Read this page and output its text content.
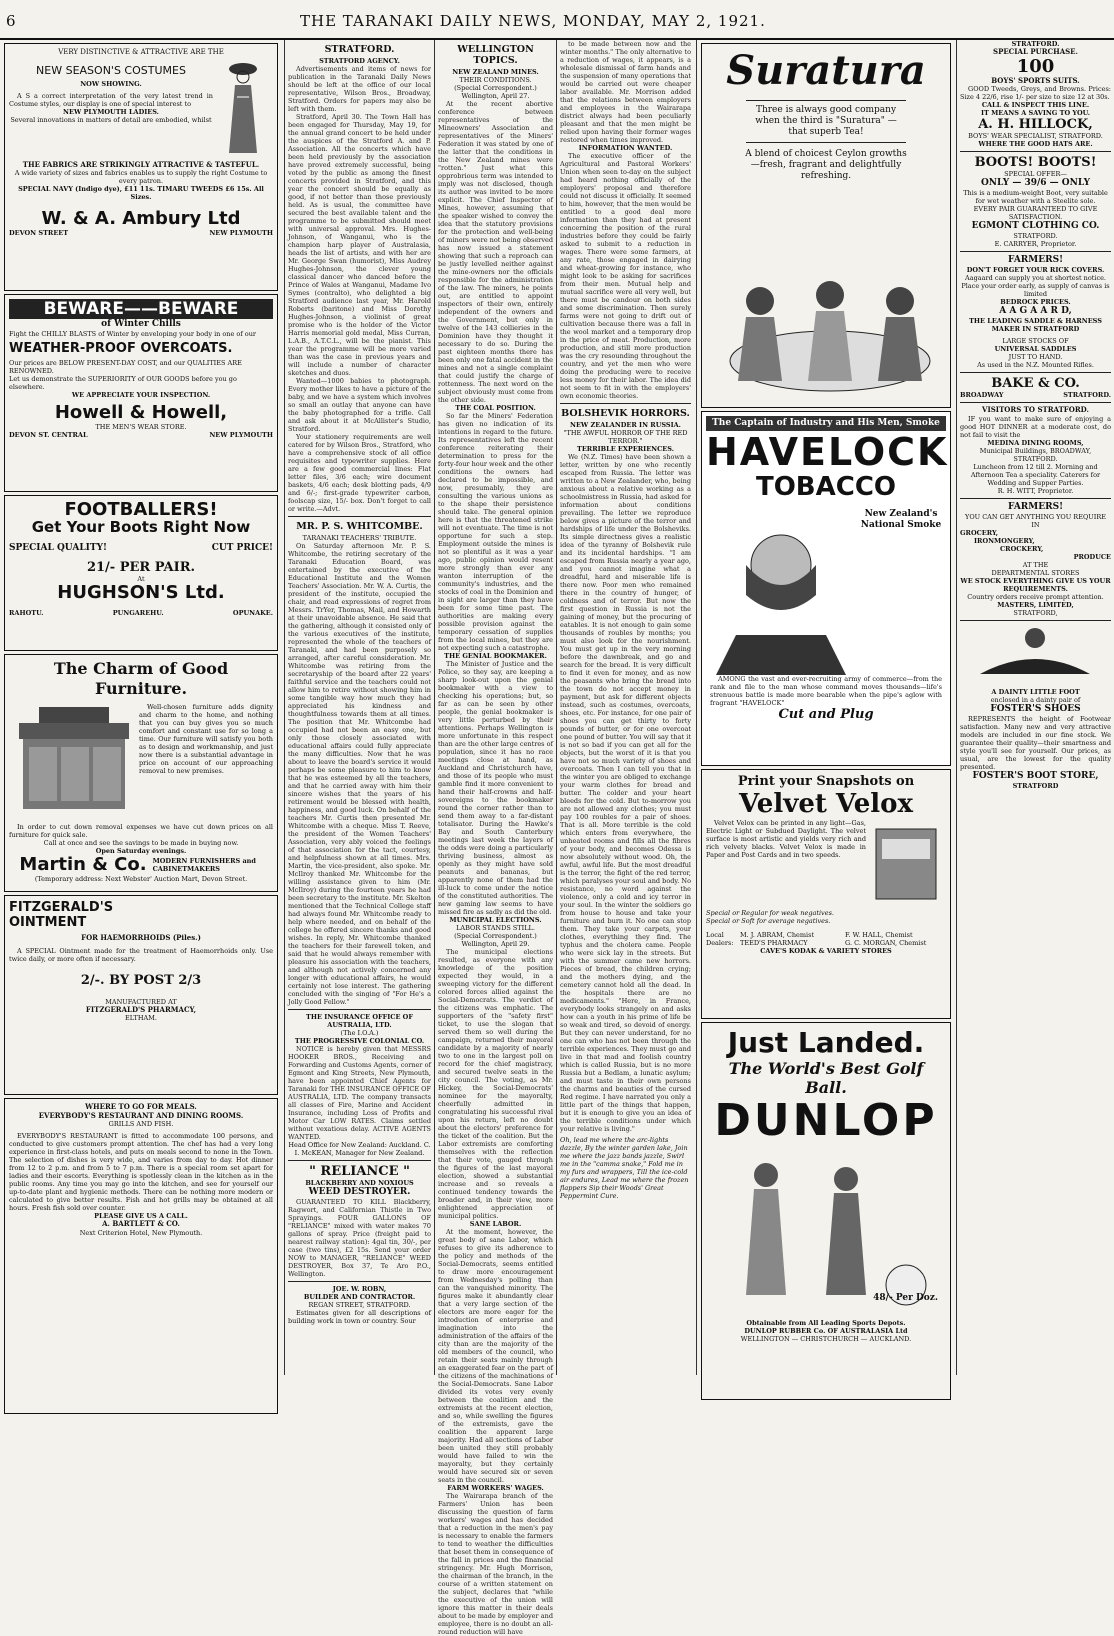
6	THE TARANAKI DAILY NEWS, MONDAY, MAY 2, 1921.
VERY DISTINCTIVE & ATTRACTIVE ARE THE
NEW SEASON'S COSTUMES
NOW SHOWING.
A S a correct interpretation of the very latest trend in Costume styles, our display is one of special interest to
NEW PLYMOUTH LADIES.
Several innovations in matters of detail are embodied, whilst
THE FABRICS ARE STRIKINGLY ATTRACTIVE & TASTEFUL.
A wide variety of sizes and fabrics enables us to supply the right Costume to every patron.
SPECIAL NAVY (Indigo dye), £11 11s. TIMARU TWEEDS £6 15s. All Sizes.
W. & A. Ambury Ltd
DEVON STREET	NEW PLYMOUTH
BEWARE——BEWARE
of Winter Chills
Fight the CHILLY BLASTS of Winter by enveloping your body in one of our
WEATHER-PROOF OVERCOATS.
Our prices are BELOW PRESENT-DAY COST, and our QUALITIES ARE RENOWNED.
Let us demonstrate the SUPERIORITY of OUR GOODS before you go elsewhere.
WE APPRECIATE YOUR INSPECTION.
Howell & Howell,
THE MEN'S WEAR STORE.
DEVON ST. CENTRAL	NEW PLYMOUTH
FOOTBALLERS!
Get Your Boots Right Now
SPECIAL QUALITY!	CUT PRICE!
21/- PER PAIR.
At
HUGHSON'S Ltd.
RAHOTU.	PUNGAREHU.	OPUNAKE.
The Charm of Good Furniture.
Well-chosen furniture adds dignity and charm to the home, and nothing that you can buy gives you so much comfort and constant use for so long a time. Our furniture will satisfy you both as to design and workmanship, and just now there is a substantial advantage in price on account of our approaching removal to new premises.
In order to cut down removal expenses we have cut down prices on all furniture for quick sale.
Call at once and see the savings to be made in buying now.
Open Saturday evenings.
Martin & Co. MODERN FURNISHERS and CABINETMAKERS
(Temporary address: Next Webster' Auction Mart, Devon Street.
FITZGERALD'S
OINTMENT
FOR HAEMORRHOIDS (Piles.)
A SPECIAL Ointment made for the treatment of Haemorrhoids only. Use twice daily, or more often if necessary.
2/-. BY POST 2/3
MANUFACTURED AT
FITZGERALD'S PHARMACY,
ELTHAM.
WHERE TO GO FOR MEALS.
EVERYBODY'S RESTAURANT AND DINING ROOMS.
GRILLS AND FISH.
EVERYBODY'S RESTAURANT is fitted to accommodate 100 persons, and conducted to give customers prompt attention. The chef has had a very long experience in first-class hotels, and puts on meals second to none in the Town. The selection of dishes is very wide, and varies from day to day. Hot dinner from 12 to 2 p.m. and from 5 to 7 p.m. There is a special room set apart for ladies and their escorts. Everything is spotlessly clean in the kitchen as in the public rooms. Any time you may go into the kitchen, and see for yourself our up-to-date plant and hygienic methods. There can be nothing more modern or calculated to give better results. Fish and hot grills may be obtained at all hours. Fresh fish sold over counter.
PLEASE GIVE US A CALL.
A. BARTLETT & CO.
Next Criterion Hotel, New Plymouth.
STRATFORD.
STRATFORD AGENCY.
Advertisements and items of news for publication in the Taranaki Daily News should be left at the office of our local representative, Wilson Bros., Broadway, Stratford. Orders for papers may also be left with them.
Stratford, April 30. The Town Hall has been engaged for Thursday, May 19, for the annual grand concert to be held under the auspices of the Stratford A. and P. Association. All the concerts which have been held previously by the association have proved extremely successful, being voted by the public as among the finest concerts provided in Stratford, and this year the concert should be equally as good, if not better than those previously held. As is usual, the committee have secured the best available talent and the programme to be submitted should meet with universal approval. Mrs. Hughes-Johnson, of Wanganui, who is the champion harp player of Australasia, heads the list of artists, and with her are Mr. George Swan (humorist), Miss Audrey Hughes-Johnson, the clever young classical dancer who danced before the Prince of Wales at Wanganui, Madame Ivo Symes (contralto), who delighted a big Stratford audience last year, Mr. Harold Roberts (baritone) and Miss Dorothy Hughes-Johnson, a violinist of great promise who is the holder of the Victor Harris memorial gold medal, Miss Curran, L.A.B., A.T.C.L., will be the pianist. This year the programme will be more varied than was the case in previous years and will include a number of character sketches and duos.
Wanted—1000 babies to photograph. Every mother likes to have a picture of the baby, and we have a system which involves so small an outlay that anyone can have the baby photographed for a trifle. Call and ask about it at McAllister's Studio, Stratford.
Your stationery requirements are well catered for by Wilson Bros., Stratford, who have a comprehensive stock of all office requisites and typewriter supplies. Here are a few good commercial lines: Flat letter files, 3/6 each; wire document baskets, 4/6 each; desk blotting pads, 4/9 and 6/-; first-grade typewriter carbon, foolscap size, 15/- box. Don't forget to call or write.—Advt.
MR. P. S. WHITCOMBE.
TARANAKI TEACHERS' TRIBUTE.
On Saturday afternoon Mr. P. S. Whitcombe, the retiring secretary of the Taranaki Education Board, was entertained by the executive of the Educational Institute and the Women Teachers' Association. Mr. W. A. Curtis, the president of the institute, occupied the chair, and read expressions of regret from Messrs. TrYer, Thomas, Mail, and Howarth at their unavoidable absence. He said that the gathering, although it consisted only of the various executives of the institute, represented the whole of the teachers of Taranaki, and had been purposely so arranged, after careful consideration. Mr. Whitcombe was retiring from the secretaryship of the board after 22 years' faithful service and the teachers could not allow him to retire without showing him in some tangible way how much they had appreciated his kindness and thoughtfulness towards them at all times. The position that Mr. Whitcombe had occupied had not been an easy one, but only those closely associated with educational affairs could fully appreciate the many difficulties. Now that he was about to leave the board's service it would perhaps be some pleasure to him to know that he was esteemed by all the teachers, and that he carried away with him their sincere wishes that the years of his retirement would be blessed with health, happiness, and good luck. On behalf of the teachers Mr. Curtis then presented Mr. Whitcombe with a cheque. Miss T. Reeve, the president of the Women Teachers' Association, very ably voiced the feelings of that association for the tact, courtesy, and helpfulness shown at all times. Mrs. Martin, the vice-president, also spoke. Mr. McIlroy thanked Mr. Whitcombe for the willing assistance given to him (Mr. McIlroy) during the fourteen years he had been secretary to the institute. Mr. Skelton mentioned that the Technical College staff had always found Mr. Whitcombe ready to help where needed, and on behalf of the college he offered sincere thanks and good wishes. In reply, Mr. Whitcombe thanked the teachers for their farewell token, and said that he would always remember with pleasure his association with the teachers, and although not actively concerned any longer with educational affairs, he would certainly not lose interest. The gathering concluded with the singing of "For He's a Jolly Good Fellow."
THE INSURANCE OFFICE OF AUSTRALIA, LTD.
(The I.O.A.)
THE PROGRESSIVE COLONIAL CO.
NOTICE is hereby given that MESSRS HOOKER BROS., Receiving and Forwarding and Customs Agents, corner of Egmont and King Streets, New Plymouth, have been appointed Chief Agents for Taranaki for THE INSURANCE OFFICE OF AUSTRALIA, LTD. The company transacts all classes of Fire, Marine and Accident Insurance, including Loss of Profits and Motor Car LOW RATES. Claims settled without vexatious delay. ACTIVE AGENTS WANTED.
Head Office for New Zealand: Auckland. C. I. McKEAN, Manager for New Zealand.
" RELIANCE "
BLACKBERRY AND NOXIOUS
WEED DESTROYER.
GUARANTEED TO KILL Blackberry, Ragwort, and Californian Thistle in Two Sprayings. FOUR GALLONS OF "RELIANCE" mixed with water makes 70 gallons of spray. Price (freight paid to nearest railway station): 4gal tin, 30/-, per case (two tins), £2 15s. Send your order NOW to MANAGER, "RELIANCE" WEED DESTROYER, Box 37, Te Aro P.O., Wellington.
JOE. W. ROBN,
BUILDER AND CONTRACTOR.
REGAN STREET, STRATFORD.
Estimates given for all descriptions of building work in town or country. Sour
WELLINGTON TOPICS.
NEW ZEALAND MINES.
THEIR CONDITIONS.
(Special Correspondent.) Wellington, April 27.
At the recent abortive conference between representatives of the Mineowners' Association and representatives of the Miners' Federation it was stated by one of the latter that the conditions in the New Zealand mines were "rotten." Just what this opprobrious term was intended to imply was not disclosed, though its author was invited to be more explicit. The Chief Inspector of Mines, however, assuming that the speaker wished to convey the idea that the statutory provisions for the protection and well-being of miners were not being observed has now issued a statement showing that such a reproach can be justly levelled neither against the mine-owners nor the officials responsible for the administration of the law. The miners, he points out, are entitled to appoint inspectors of their own, entirely independent of the owners and the Government, but only in twelve of the 143 collieries in the Dominion have they thought it necessary to do so. During the past eighteen months there has been only one fatal accident in the mines and not a single complaint that could justify the charge of rottenness. The next word on the subject obviously must come from the other side.
THE COAL POSITION.
So far the Miners' Federation has given no indication of its intentions in regard to the future. Its representatives left the recent conference reiterating their determination to press for the forty-four hour week and the other conditions the owners had declared to be impossible, and now, presumably, they are consulting the various unions as to the shape their persistence should take. The general opinion here is that the threatened strike will not eventuate. The time is not opportune for such a step. Employment outside the mines is not so plentiful as it was a year ago, public opinion would resent more strongly than ever any wanton interruption of the community's industries, and the stocks of coal in the Dominion and in sight are larger than they have been for some time past. The authorities are making every possible provision against the temporary cessation of supplies from the local mines, but they are not expecting such a catastrophe.
THE GENIAL BOOKMAKER.
The Minister of Justice and the Police, so they say, are keeping a sharp look-out upon the genial bookmaker with a view to checking his operations; but, so far as can be seen by other people, the genial bookmaker is very little perturbed by their attentions. Perhaps Wellington is more unfortunate in this respect than are the other large centres of population, since it has no race meetings close at hand, as Auckland and Christchurch have, and those of its people who must gamble find it more convenient to hand their half-crowns and half-sovereigns to the bookmaker round the corner rather than to send them away to a far-distant totalisator. During the Hawke's Bay and South Canterbury meetings last week the layers of the odds were doing a particularly thriving business, almost as openly as they might have sold peanuts and bananas, but apparently none of them had the ill-luck to come under the notice of the constituted authorities. The new gaming law seems to have missed fire as sadly as did the old.
MUNICIPAL ELECTIONS.
LABOR STANDS STILL.
(Special Correspondent.) Wellington, April 29.
The municipal elections resulted, as everyone with any knowledge of the position expected they would, in a sweeping victory for the different colored forces allied against the Social-Democrats. The verdict of the citizens was emphatic. The supporters of the "safety first" ticket, to use the slogan that served them so well during the campaign, returned their mayoral candidate by a majority of nearly two to one in the largest poll on record for the chief magistracy, and secured twelve seats in the city council. The voting, as Mr. Hickey, the Social-Democrats' nominee for the mayoralty, cheerfully admitted in congratulating his successful rival upon his return, left no doubt about the electors' preference for the ticket of the coalition. But the Labor extremists are comforting themselves with the reflection that their vote, gauged through the figures of the last mayoral election, showed a substantial increase and so reveals a continued tendency towards the broader and, in their view, more enlightened appreciation of municipal politics.
SANE LABOR.
At the moment, however, the great body of sane Labor, which refuses to give its adherence to the policy and methods of the Social-Democrats, seems entitled to draw more encouragement from Wednesday's polling than can the vanquished minority. The figures make it abundantly clear that a very large section of the electors are more eager for the introduction of enterprise and imagination into the administration of the affairs of the city than are the majority of the old members of the council, who retain their seats mainly through an exaggerated fear on the part of the citizens of the machinations of the Social-Democrats. Sane Labor divided its votes very evenly between the coalition and the extremists at the recent election, and so, while swelling the figures of the extremists, gave the coalition the apparent large majority. Had all sections of Labor been united they still probably would have failed to win the mayoralty, but they certainly would have secured six or seven seats in the council.
FARM WORKERS' WAGES.
The Wairarapa branch of the Farmers' Union has been discussing the question of farm workers' wages and has decided that a reduction in the men's pay is necessary to enable the farmers to tend to weather the difficulties that beset them in consequence of the fall in prices and the financial stringency. Mr. Hugh Morrison, the chairman of the branch, in the course of a written statement on the subject, declares that "while the executive of the union will ignore this matter in their deals about to be made by employer and employee, there is no doubt an all-round reduction will have
to be made between now and the winter months." The only alternative to a reduction of wages, it appears, is a wholesale dismissal of farm hands and the suspension of many operations that would be carried out were cheaper labor available. Mr. Morrison added that the relations between employers and employees in the Wairarapa district always had been peculiarly pleasant and that the men might be relied upon having their former wages restored when times improved.
INFORMATION WANTED.
The executive officer of the Agricultural and Pastoral Workers' Union when seen to-day on the subject had heard nothing officially of the employers' proposal and therefore could not discuss it officially. It seemed to him, however, that the men would be entitled to a good deal more information than they had at present concerning the position of the rural industries before they could be fairly asked to submit to a reduction in wages. There were some farmers, at any rate, those engaged in dairying and wheat-growing for instance, who might look to be asking for sacrifices from their men. Mutual help and mutual sacrifice were all very well, but there must be candour on both sides and some discrimination. Then surely farms were not going to drift out of cultivation because there was a fall in the wool market and a temporary drop in the price of meat. Production, more production, and still more production was the cry resounding throughout the country, and yet the men who were doing the producing were to receive less money for their labor. The idea did not seem to fit in with the employers' own economic theories.
BOLSHEVIK HORRORS.
NEW ZEALANDER IN RUSSIA.
"THE AWFUL HORROR OF THE RED TERROR."
TERRIBLE EXPERIENCES.
We (N.Z. Times) have been shown a letter, written by one who recently escaped from Russia. The letter was written to a New Zealander, who, being anxious about a relative working as a schoolmistress in Russia, had asked for information about conditions prevailing. The letter we reproduce below gives a picture of the terror and hardships of life under the Bolsheviks. Its simple directness gives a realistic idea of the tyranny of Bolshevik rule and its incidental hardships. "I am escaped from Russia nearly a year ago, and you cannot imagine what a dreadful, hard and miserable life is there now. Poor men who remained there in the country of hunger, of coldness and of terror. But now the first question in Russia is not the gaining of money, but the procuring of eatables. It is not enough to gain some thousands of roubles by months; you must also look for the nourishment. You must get up in the very morning before the dawnbreak, and go and search for the bread. It is very difficult to find it even for money, and as now the peasants who bring the bread into the town do not accept money in payment, but ask for different objects instead, such as costumes, overcoats, shoes, etc. For instance, for one pair of shoes you can get thirty to forty pounds of butter, or for one overcoat one pound of butter. You will say that it is not so bad if you can get all for the objects, but the worst of it is that you have not so much variety of shoes and overcoats. Then I can tell you that in the winter you are obliged to exchange your warm clothes for bread and butter. The colder and your heart bleeds for the cold. But to-morrow you are not allowed any clothes; you must pay 100 roubles for a pair of shoes. That is all. More terrible is the cold which enters from everywhere, the unheated rooms and fills all the fibres of your body, and becomes Odessa is now absolutely without wood. Oh, the awful, awful life. But the most dreadful is the terror, the fight of the red terror, which paralyses your soul and body. No resistance, no word against the violence, only a cold and icy terror in your soul. In the winter the soldiers go from house to house and take your furniture and burn it. No one can stop them. They take your carpets, your clothes, everything they find. The typhus and the cholera came. People who were sick lay in the streets. But with the summer came new horrors. Pieces of bread, the children crying; and the mothers dying, and the cemetery cannot hold all the dead. In the hospitals there are no medicaments." "Here, in France, everybody looks strangely on and asks how can a youth in his prime of life be so weak and tired, so devoid of energy. But they can never understand, for no one can who has not been through the terrible experiences. They must go and live in that mad and foolish country which is called Russia, but is no more Russia but a Bedlam, a lunatic asylum; and must taste in their own persons the charms and beauties of the cursed Red regime. I have narrated you only a little part of the things that happen, but it is enough to give you an idea of the terrible conditions under which your relative is living."
Oh, lead me where the arc-lights dazzle, By the winter garden lake, Join me where the jazz bands jazzle, Swirl me in the "camma snake," Fold me in my furs and wrappers, Till the ice-cold air endures, Lead me where the frozen flappers Sip their Woods' Great Peppermint Cure.
Suratura
Three is always good company when the third is "Suratura" — that superb Tea!
A blend of choicest Ceylon growths—fresh, fragrant and delightfully refreshing.
The Captain of Industry and His Men, Smoke
HAVELOCK
TOBACCO
New Zealand's National Smoke
AMONG the vast and ever-recruiting army of commerce—from the rank and file to the man whose command moves thousands—life's strenuous battle is made more bearable when the pipe's aglow with fragrant "HAVELOCK"
Cut and Plug
Print your Snapshots on
Velvet Velox
Velvet Velox can be printed in any light—Gas, Electric Light or Subdued Daylight. The velvet surface is most artistic and yields very rich and rich velvety blacks. Velvet Velox is made in Paper and Post Cards and in two speeds.
Special or Regular for weak negatives.
Special or Soft for average negatives.
Local Dealers:
M. J. ABRAM, Chemist
TEED'S PHARMACY
F. W. HALL, Chemist
G. C. MORGAN, Chemist
CAVE'S KODAK & VARIETY STORES
Just Landed.
The World's Best Golf Ball.
DUNLOP
48/- Per Doz.
Obtainable from All Leading Sports Depots.
DUNLOP RUBBER Co. OF AUSTRALASIA Ltd
WELLINGTON — CHRISTCHURCH — AUCKLAND.
STRATFORD.
SPECIAL PURCHASE.
100
BOYS' SPORTS SUITS.
GOOD Tweeds, Greys, and Browns. Prices: Size 4 22/6, rise 1/- per size to size 12 at 30s.
CALL & INSPECT THIS LINE.
IT MEANS A SAVING TO YOU.
A. H. HILLOCK,
BOYS' WEAR SPECIALIST, STRATFORD.
WHERE THE GOOD HATS ARE.
BOOTS! BOOTS!
SPECIAL OFFER—
ONLY — 39/6 — ONLY
This is a medium-weight Boot, very suitable for wet weather with a Steelite sole.
EVERY PAIR GUARANTEED TO GIVE SATISFACTION.
EGMONT CLOTHING CO.
STRATFORD.
E. CARRYER, Proprietor.
FARMERS!
DON'T FORGET YOUR RICK COVERS.
Aagaard can supply you at shortest notice. Place your order early, as supply of canvas is limited
BEDROCK PRICES.
A A G A A R D,
THE LEADING SADDLE & HARNESS MAKER IN STRATFORD
LARGE STOCKS OF
UNIVERSAL SADDLES
JUST TO HAND.
As used in the N.Z. Mounted Rifles.
BAKE & CO.
BROADWAY	STRATFORD.
VISITORS TO STRATFORD.
IF you want to make sure of enjoying a good HOT DINNER at a moderate cost, do not fail to visit the
MEDINA DINING ROOMS,
Municipal Buildings, BROADWAY, STRATFORD.
Luncheon from 12 till 2. Morning and Afternoon Tea a speciality. Caterers for Wedding and Supper Parties.
R. H. WITT, Proprietor.
FARMERS!
YOU CAN GET ANYTHING YOU REQUIRE IN
GROCERY,
IRONMONGERY,
CROCKERY,
PRODUCE
AT THE
DEPARTMENTAL STORES
WE STOCK EVERYTHING GIVE US YOUR REQUIREMENTS.
Country orders receive prompt attention.
MASTERS, LIMITED,
STRATFORD,
A DAINTY LITTLE FOOT
enclosed in a dainty pair of
FOSTER'S SHOES
REPRESENTS the height of Footwear satisfaction. Many new and very attractive models are included in our fine stock. We guarantee their quality—their smartness and style you'll see for yourself. Our prices, as usual, are the lowest for the quality presented.
FOSTER'S BOOT STORE,
STRATFORD
